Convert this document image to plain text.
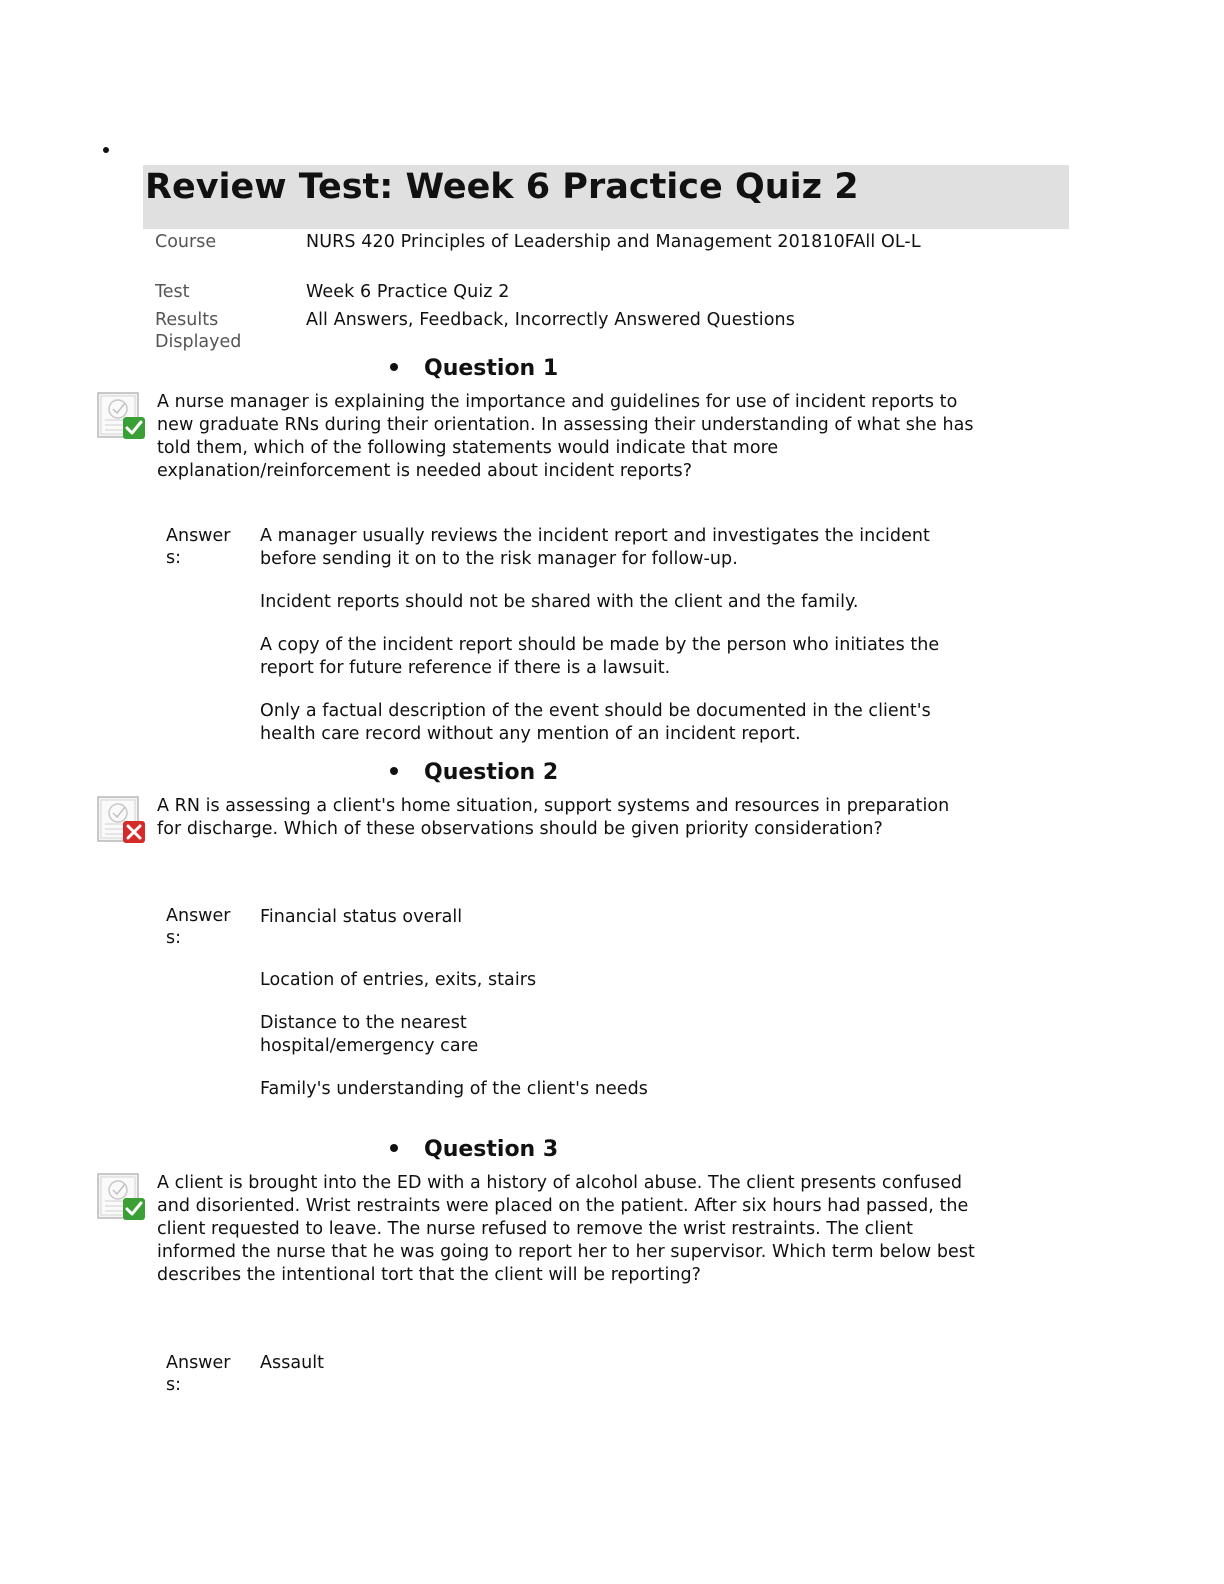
Review Test: Week 6 Practice Quiz 2
Course	NURS 420 Principles of Leadership and Management 201810FAll OL-L
Test	Week 6 Practice Quiz 2
Results Displayed
All Answers, Feedback, Incorrectly Answered Questions
Question 1
A nurse manager is explaining the importance and guidelines for use of incident reports to new graduate RNs during their orientation. In assessing their understanding of what she has told them, which of the following statements would indicate that more explanation/reinforcement is needed about incident reports?
Answers:
A manager usually reviews the incident report and investigates the incident before sending it on to the risk manager for follow-up.
Incident reports should not be shared with the client and the family.
A copy of the incident report should be made by the person who initiates the report for future reference if there is a lawsuit.
Only a factual description of the event should be documented in the client's health care record without any mention of an incident report.
Question 2
A RN is assessing a client's home situation, support systems and resources in preparation for discharge. Which of these observations should be given priority consideration?
Answers:
Financial status overall
Location of entries, exits, stairs
Distance to the nearest hospital/emergency care
Family's understanding of the client's needs
Question 3
A client is brought into the ED with a history of alcohol abuse. The client presents confused and disoriented. Wrist restraints were placed on the patient. After six hours had passed, the client requested to leave. The nurse refused to remove the wrist restraints. The client informed the nurse that he was going to report her to her supervisor. Which term below best describes the intentional tort that the client will be reporting?
Answers:
Assault
